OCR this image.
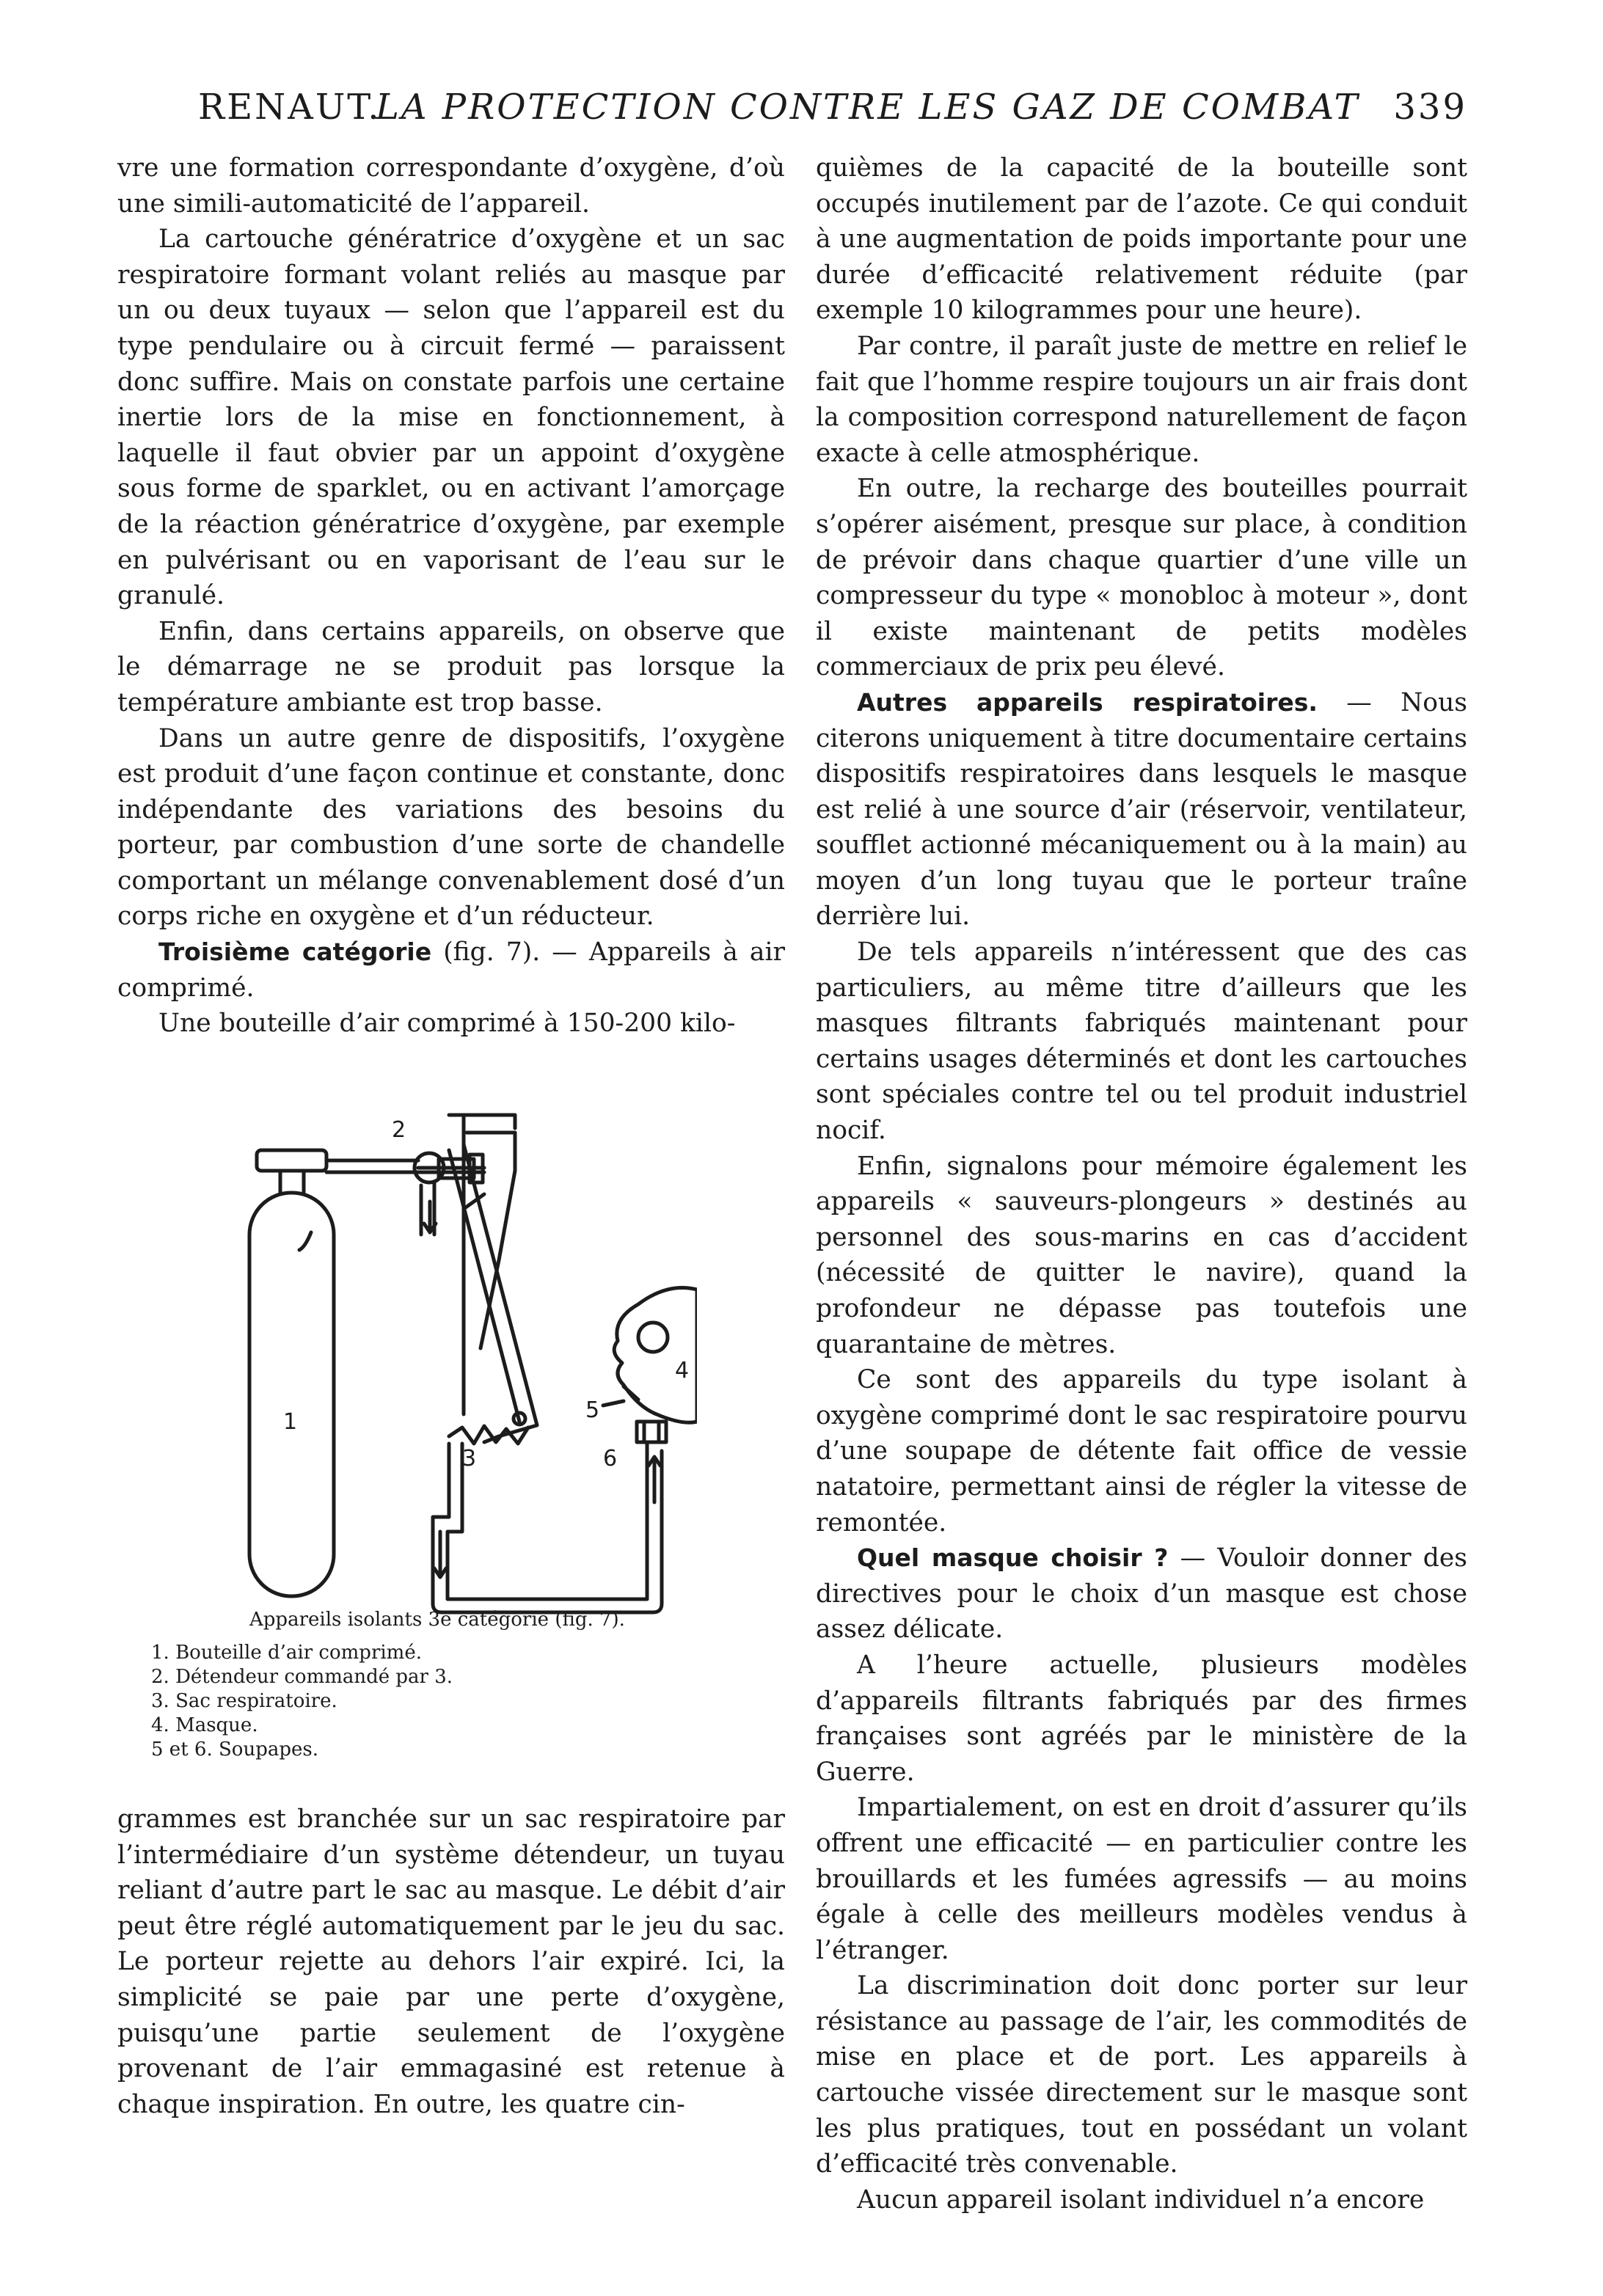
RENAUT.
LA PROTECTION CONTRE LES GAZ DE COMBAT 339

vre une formation correspondante d’oxygène, d’où une simili-automaticité de l’appareil.

La cartouche génératrice d’oxygène et un sac respiratoire formant volant reliés au masque par un ou deux tuyaux — selon que l’appareil est du type pendulaire ou à circuit fermé — paraissent donc suffire. Mais on constate parfois une certaine inertie lors de la mise en fonctionnement, à laquelle il faut obvier par un appoint d’oxygène sous forme de sparklet, ou en activant l’amorçage de la réaction génératrice d’oxygène, par exemple en pulvérisant ou en vaporisant de l’eau sur le granulé.

Enfin, dans certains appareils, on observe que le démarrage ne se produit pas lorsque la température ambiante est trop basse.

Dans un autre genre de dispositifs, l’oxygène est produit d’une façon continue et constante, donc indépendante des variations des besoins du porteur, par combustion d’une sorte de chandelle comportant un mélange convenablement dosé d’un corps riche en oxygène et d’un réducteur.

Troisième catégorie (fig. 7). — Appareils à air comprimé.

Une bouteille d’air comprimé à 150-200 kilo-

1
2
3
4
5
6
Appareils isolants 3e catégorie (fig. 7).
1. Bouteille d’air comprimé.
2. Détendeur commandé par 3.
3. Sac respiratoire.
4. Masque.
5 et 6. Soupapes.

grammes est branchée sur un sac respiratoire par l’intermédiaire d’un système détendeur, un tuyau reliant d’autre part le sac au masque. Le débit d’air peut être réglé automatiquement par le jeu du sac. Le porteur rejette au dehors l’air expiré. Ici, la simplicité se paie par une perte d’oxygène, puisqu’une partie seulement de l’oxygène provenant de l’air emmagasiné est retenue à chaque inspiration. En outre, les quatre cin-

quièmes de la capacité de la bouteille sont occupés inutilement par de l’azote. Ce qui conduit à une augmentation de poids importante pour une durée d’efficacité relativement réduite (par exemple 10 kilogrammes pour une heure).

Par contre, il paraît juste de mettre en relief le fait que l’homme respire toujours un air frais dont la composition correspond naturellement de façon exacte à celle atmosphérique.

En outre, la recharge des bouteilles pourrait s’opérer aisément, presque sur place, à condition de prévoir dans chaque quartier d’une ville un compresseur du type « monobloc à moteur », dont il existe maintenant de petits modèles commerciaux de prix peu élevé.

Autres appareils respiratoires. — Nous citerons uniquement à titre documentaire certains dispositifs respiratoires dans lesquels le masque est relié à une source d’air (réservoir, ventilateur, soufflet actionné mécaniquement ou à la main) au moyen d’un long tuyau que le porteur traîne derrière lui.

De tels appareils n’intéressent que des cas particuliers, au même titre d’ailleurs que les masques filtrants fabriqués maintenant pour certains usages déterminés et dont les cartouches sont spéciales contre tel ou tel produit industriel nocif.

Enfin, signalons pour mémoire également les appareils « sauveurs-plongeurs » destinés au personnel des sous-marins en cas d’accident (nécessité de quitter le navire), quand la profondeur ne dépasse pas toutefois une quarantaine de mètres.

Ce sont des appareils du type isolant à oxygène comprimé dont le sac respiratoire pourvu d’une soupape de détente fait office de vessie natatoire, permettant ainsi de régler la vitesse de remontée.

Quel masque choisir ? — Vouloir donner des directives pour le choix d’un masque est chose assez délicate.

A l’heure actuelle, plusieurs modèles d’appareils filtrants fabriqués par des firmes françaises sont agréés par le ministère de la Guerre.

Impartialement, on est en droit d’assurer qu’ils offrent une efficacité — en particulier contre les brouillards et les fumées agressifs — au moins égale à celle des meilleurs modèles vendus à l’étranger.

La discrimination doit donc porter sur leur résistance au passage de l’air, les commodités de mise en place et de port. Les appareils à cartouche vissée directement sur le masque sont les plus pratiques, tout en possédant un volant d’efficacité très convenable.

Aucun appareil isolant individuel n’a encore
